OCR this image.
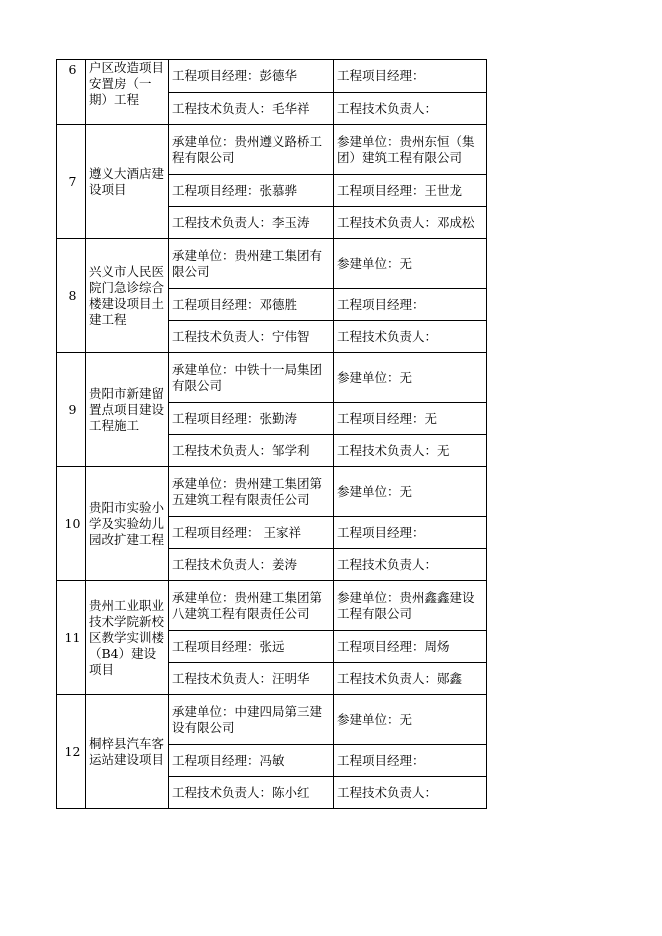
6	户区改造项目安置房（一期）工程	工程项目经理：彭德华	工程项目经理：
		工程技术负责人：毛华祥	工程技术负责人：
7	遵义大酒店建设项目	承建单位：贵州遵义路桥工程有限公司	参建单位：贵州东恒（集团）建筑工程有限公司
		工程项目经理：张慕骅	工程项目经理：王世龙
		工程技术负责人：李玉涛	工程技术负责人：邓成松
8	兴义市人民医院门急诊综合楼建设项目土建工程	承建单位：贵州建工集团有限公司	参建单位：无
		工程项目经理：邓德胜	工程项目经理：
		工程技术负责人：宁伟智	工程技术负责人：
9	贵阳市新建留置点项目建设工程施工	承建单位：中铁十一局集团有限公司	参建单位：无
		工程项目经理：张勤涛	工程项目经理：无
		工程技术负责人：邹学利	工程技术负责人：无
10	贵阳市实验小学及实验幼儿园改扩建工程	承建单位：贵州建工集团第五建筑工程有限责任公司	参建单位：无
		工程项目经理： 王家祥	工程项目经理：
		工程技术负责人：姜涛	工程技术负责人：
11	贵州工业职业技术学院新校区教学实训楼（B4）建设项目	承建单位：贵州建工集团第八建筑工程有限责任公司	参建单位：贵州鑫鑫建设工程有限公司
		工程项目经理：张远	工程项目经理：周炀
		工程技术负责人：汪明华	工程技术负责人：郧鑫
12	桐梓县汽车客运站建设项目	承建单位：中建四局第三建设有限公司	参建单位：无
		工程项目经理：冯敏	工程项目经理：
		工程技术负责人：陈小红	工程技术负责人：
